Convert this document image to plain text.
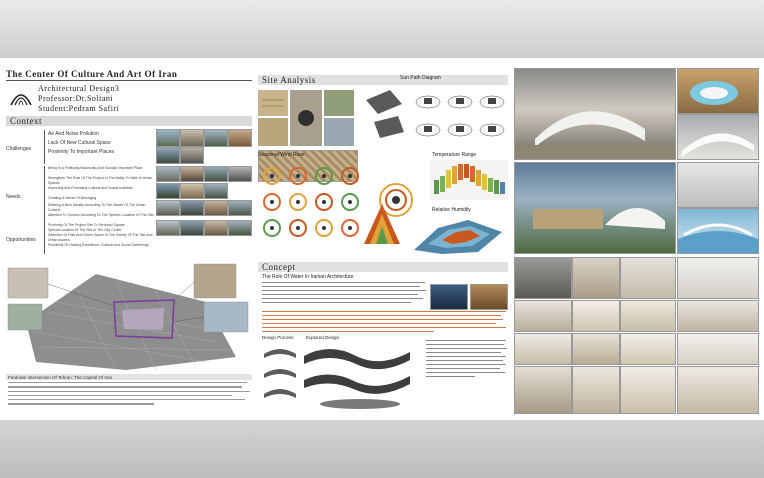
The Center Of Culture And Art Of Iran
Architectural Design3
Professor:Dr.Soltani
Student:Pedram Safiri
Context
Challenges
Air And Noise Pollution
Lack Of New Cultural Space
Proximity To Important Places
Needs
Being In A Politically,Historically And Socially Important Place
Strengthen The Role Of The Project In The Ability To Walk In Urban Spaces
Improving And Promoting Cultural And Social Activities
Creating A Sense Of Belonging
Defining A New Identity According To The Values Of The Urban Context
Attention To Tourism According To The Specific Location Of The Site
Opportunities
Proximity Of The Project Site To Ferdowsi Square
Special Location Of The Site In The City Center
Definition Of Park And Green Space In The Vicinity Of The Site And Urban Access
Possibility Of Holding Exhibitions, Cultural And Social Gatherings
Ferdowsi Intersection Of Tehran: The Capital Of Iran
Site Analysis	Sun Path Diagram
Seasonal Wind Rose	Temperature Range
Relative Humidity
Concept
The Role Of Water In Iranian Architecture
Design Process	Explored Design
